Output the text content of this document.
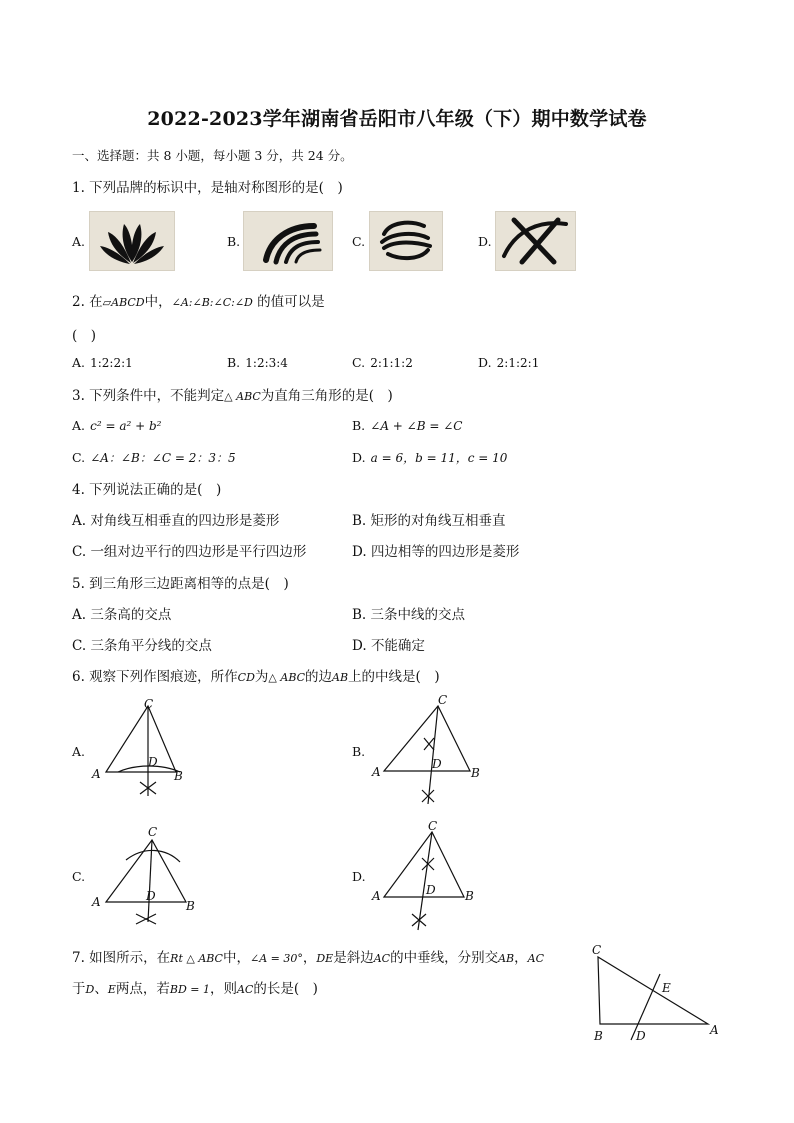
2022-2023学年湖南省岳阳市八年级（下）期中数学试卷
一、选择题：共 8 小题，每小题 3 分，共 24 分。
1. 下列品牌的标识中，是轴对称图形的是(　)
A.	B.	C.	D.
2. 在▱ABCD中，∠A:∠B:∠C:∠D 的值可以是
(　)
A. 1:2:2:1	B. 1:2:3:4	C. 2:1:1:2	D. 2:1:2:1
3. 下列条件中，不能判定△ ABC为直角三角形的是(　)
A. c² = a² + b²	B. ∠A + ∠B = ∠C
C. ∠A：∠B：∠C = 2：3：5	D. a = 6，b = 11，c = 10
4. 下列说法正确的是(　)
A. 对角线互相垂直的四边形是菱形	B. 矩形的对角线互相垂直
C. 一组对边平行的四边形是平行四边形	D. 四边相等的四边形是菱形
5. 到三角形三边距离相等的点是(　)
A. 三条高的交点	B. 三条中线的交点
C. 三条角平分线的交点	D. 不能确定
6. 观察下列作图痕迹，所作CD为△ ABC的边AB上的中线是(　)
A.
C
A	B
D
B.
C
A	B
D
C.
C
A	B
D
D.
C
A	B
D
7. 如图所示，在Rt △ ABC中，∠A = 30°，DE是斜边AC的中垂线，分别交AB，AC
于D、E两点，若BD = 1，则AC的长是(　)
C
B	D
E
A
